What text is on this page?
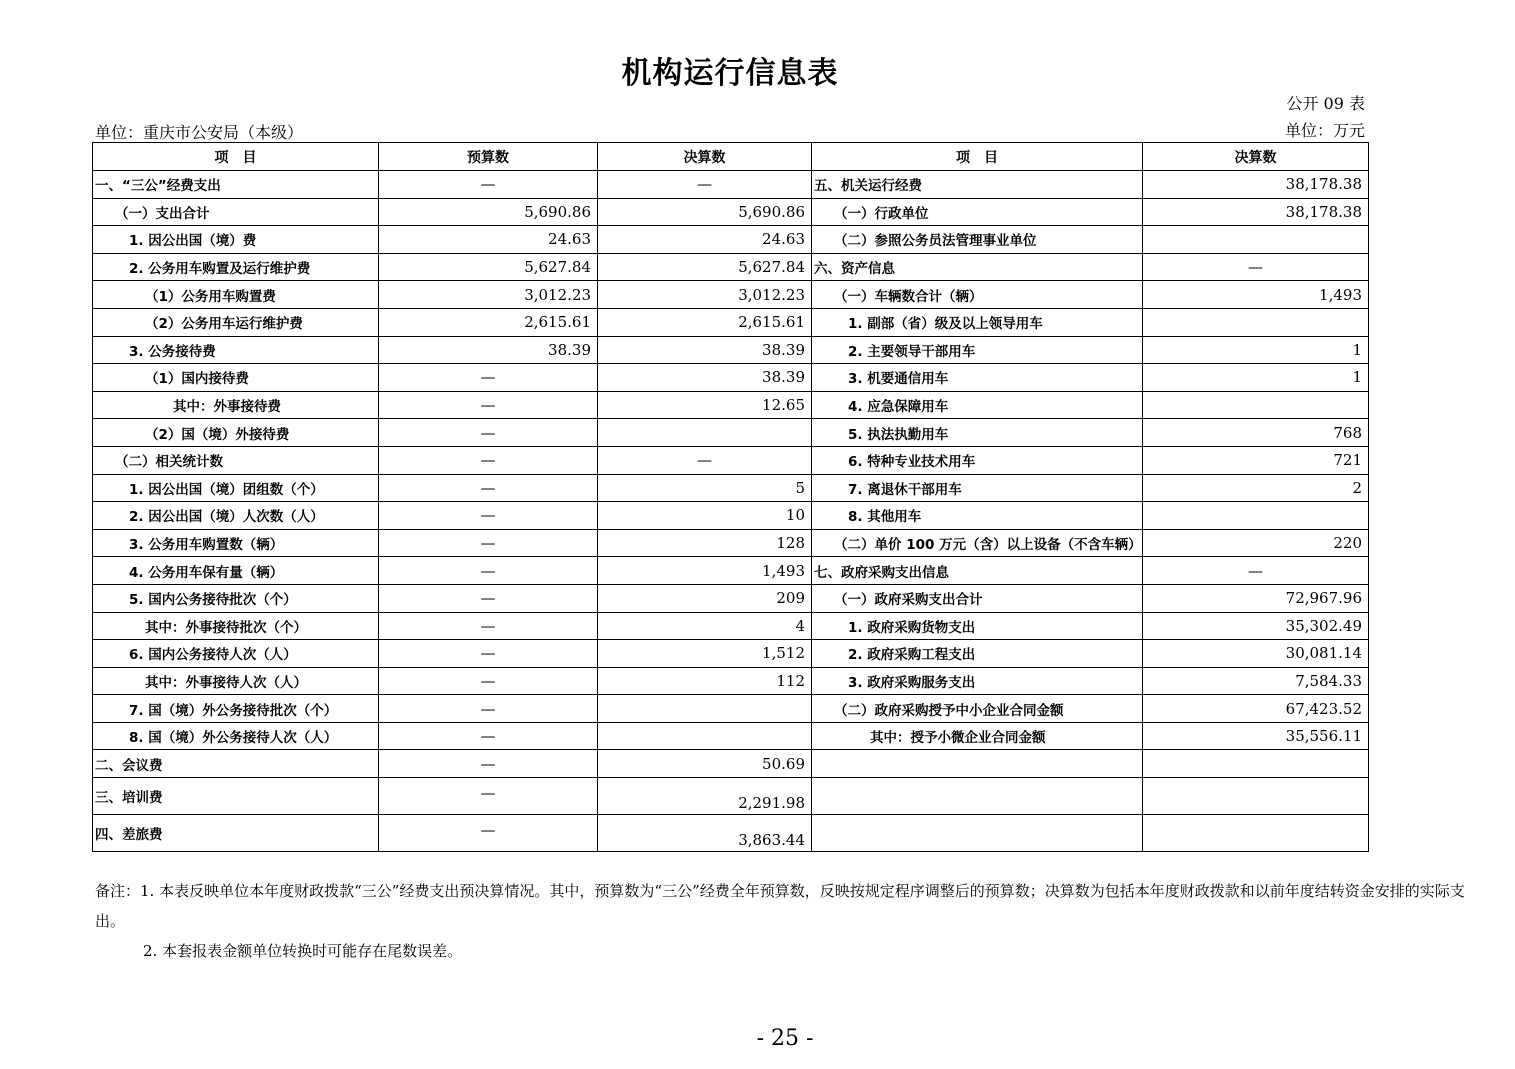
机构运行信息表
公开 09 表
单位：重庆市公安局（本级）	单位：万元
项　目	预算数	决算数	项　目	决算数
一、“三公”经费支出	—	—	五、机关运行经费	38,178.38
（一）支出合计	5,690.86	5,690.86	（一）行政单位	38,178.38
1. 因公出国（境）费	24.63	24.63	（二）参照公务员法管理事业单位	
2. 公务用车购置及运行维护费	5,627.84	5,627.84	六、资产信息	—
（1）公务用车购置费	3,012.23	3,012.23	（一）车辆数合计（辆）	1,493
（2）公务用车运行维护费	2,615.61	2,615.61	1. 副部（省）级及以上领导用车	
3. 公务接待费	38.39	38.39	2. 主要领导干部用车	1
（1）国内接待费	—	38.39	3. 机要通信用车	1
其中：外事接待费	—	12.65	4. 应急保障用车	
（2）国（境）外接待费	—		5. 执法执勤用车	768
（二）相关统计数	—	—	6. 特种专业技术用车	721
1. 因公出国（境）团组数（个）	—	5	7. 离退休干部用车	2
2. 因公出国（境）人次数（人）	—	10	8. 其他用车	
3. 公务用车购置数（辆）	—	128	（二）单价 100 万元（含）以上设备（不含车辆）	220
4. 公务用车保有量（辆）	—	1,493	七、政府采购支出信息	—
5. 国内公务接待批次（个）	—	209	（一）政府采购支出合计	72,967.96
其中：外事接待批次（个）	—	4	1. 政府采购货物支出	35,302.49
6. 国内公务接待人次（人）	—	1,512	2. 政府采购工程支出	30,081.14
其中：外事接待人次（人）	—	112	3. 政府采购服务支出	7,584.33
7. 国（境）外公务接待批次（个）	—		（二）政府采购授予中小企业合同金额	67,423.52
8. 国（境）外公务接待人次（人）	—		其中：授予小微企业合同金额	35,556.11
二、会议费	—	50.69		
三、培训费	—	2,291.98		
四、差旅费	—	3,863.44		
备注：1. 本表反映单位本年度财政拨款“三公”经费支出预决算情况。其中，预算数为“三公”经费全年预算数，反映按规定程序调整后的预算数；决算数为包括本年度财政拨款和以前年度结转资金安排的实际支出。
2. 本套报表金额单位转换时可能存在尾数误差。
- 25 -
